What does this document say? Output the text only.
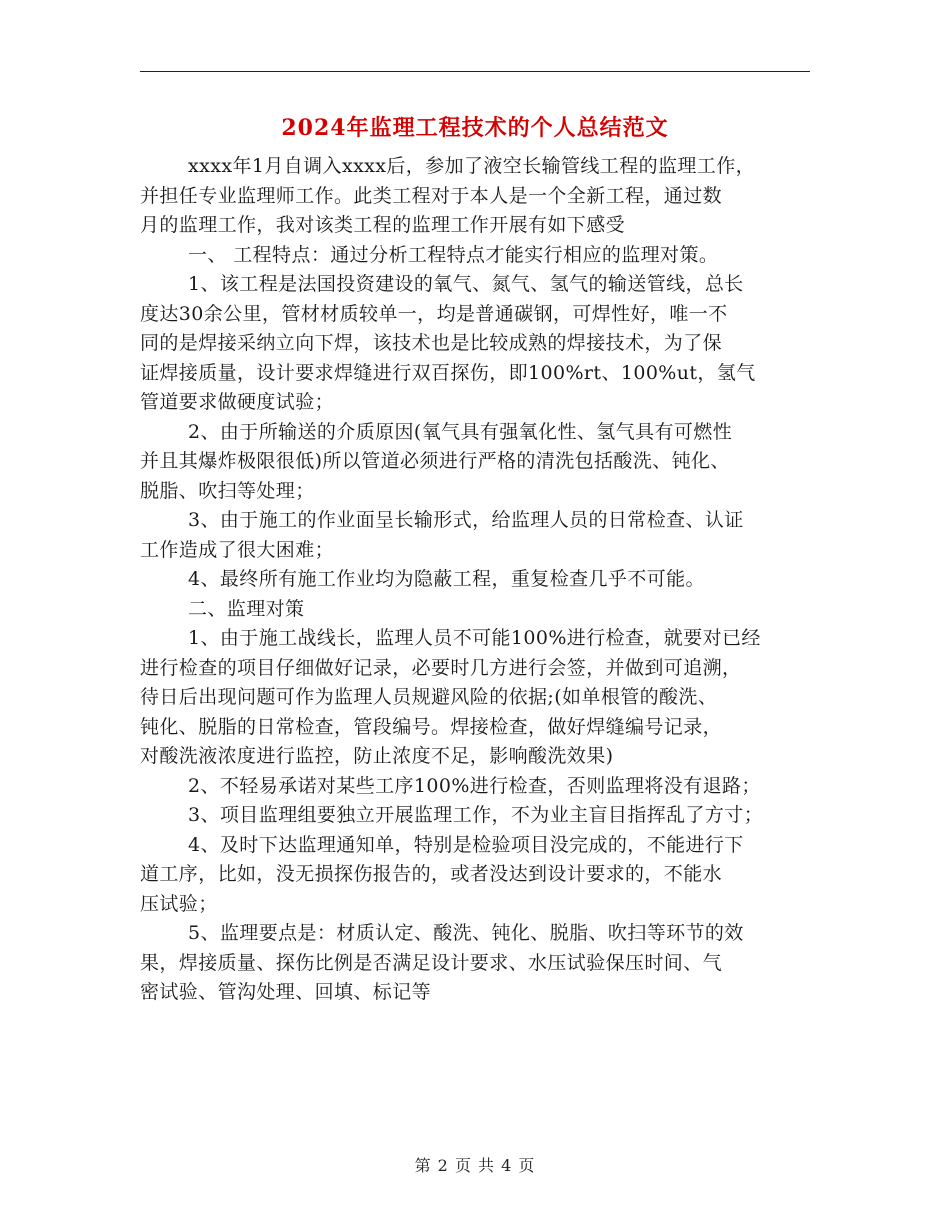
2024年监理工程技术的个人总结范文
xxxx年1月自调入xxxx后，参加了液空长输管线工程的监理工作，
并担任专业监理师工作。此类工程对于本人是一个全新工程，通过数
月的监理工作，我对该类工程的监理工作开展有如下感受
一、 工程特点：通过分析工程特点才能实行相应的监理对策。
1、该工程是法国投资建设的氧气、氮气、氢气的输送管线，总长
度达30余公里，管材材质较单一，均是普通碳钢，可焊性好，唯一不
同的是焊接采纳立向下焊，该技术也是比较成熟的焊接技术，为了保
证焊接质量，设计要求焊缝进行双百探伤，即100%rt、100%ut，氢气
管道要求做硬度试验；
2、由于所输送的介质原因(氧气具有强氧化性、氢气具有可燃性
并且其爆炸极限很低)所以管道必须进行严格的清洗包括酸洗、钝化、
脱脂、吹扫等处理；
3、由于施工的作业面呈长输形式，给监理人员的日常检查、认证
工作造成了很大困难；
4、最终所有施工作业均为隐蔽工程，重复检查几乎不可能。
二、监理对策
1、由于施工战线长，监理人员不可能100%进行检查，就要对已经
进行检查的项目仔细做好记录，必要时几方进行会签，并做到可追溯，
待日后出现问题可作为监理人员规避风险的依据;(如单根管的酸洗、
钝化、脱脂的日常检查，管段编号。焊接检查，做好焊缝编号记录，
对酸洗液浓度进行监控，防止浓度不足，影响酸洗效果)
2、不轻易承诺对某些工序100%进行检查，否则监理将没有退路；
3、项目监理组要独立开展监理工作，不为业主盲目指挥乱了方寸；
4、及时下达监理通知单，特别是检验项目没完成的，不能进行下
道工序，比如，没无损探伤报告的，或者没达到设计要求的，不能水
压试验；
5、监理要点是：材质认定、酸洗、钝化、脱脂、吹扫等环节的效
果，焊接质量、探伤比例是否满足设计要求、水压试验保压时间、气
密试验、管沟处理、回填、标记等
第 2 页 共 4 页
